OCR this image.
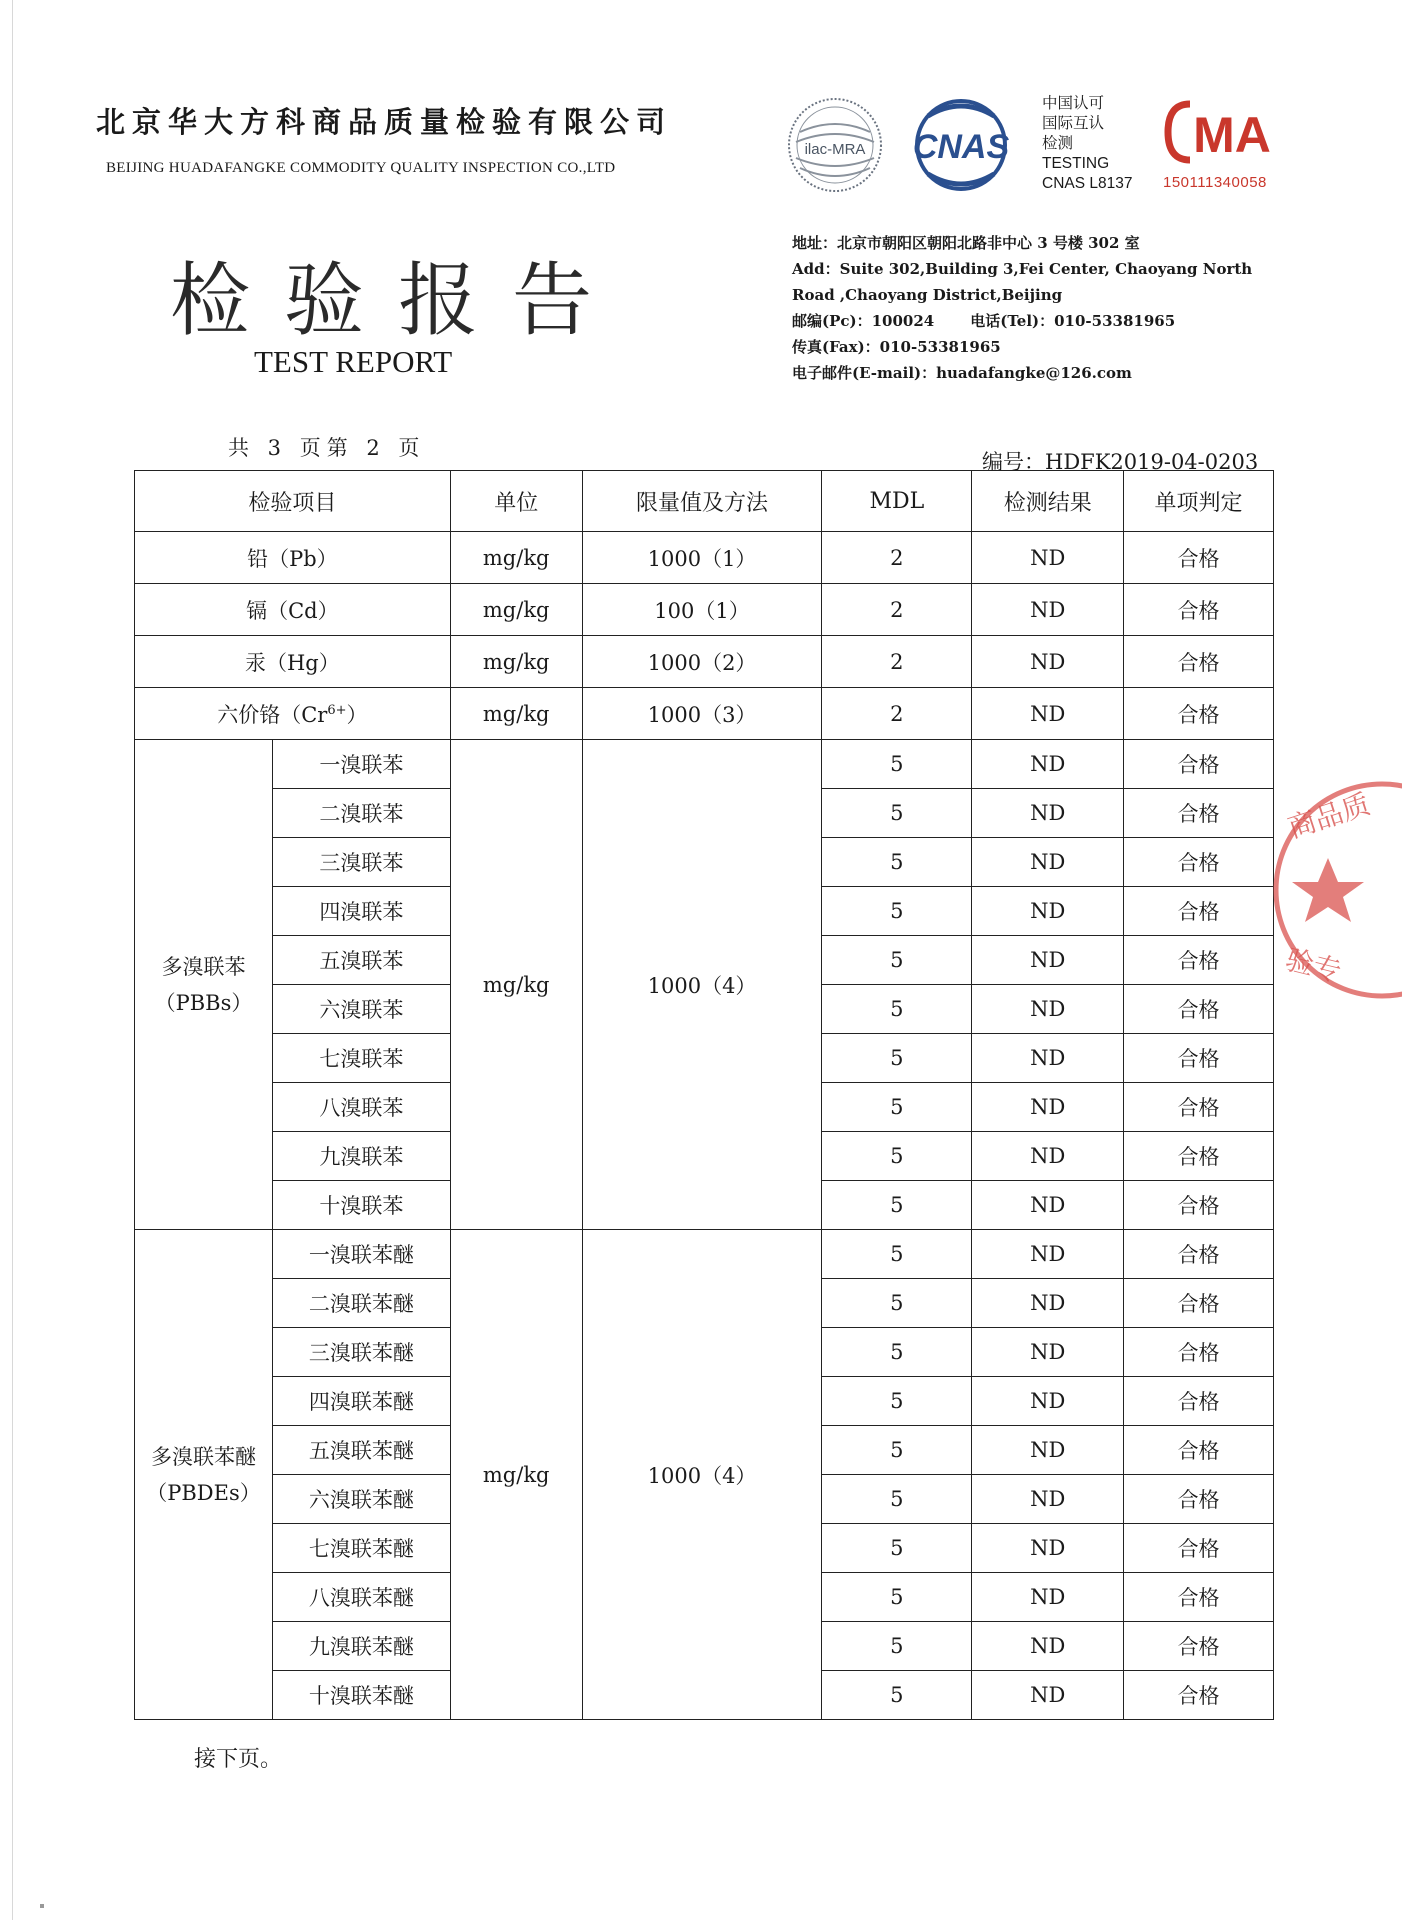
北京华大方科商品质量检验有限公司
BEIJING HUADAFANGKE COMMODITY QUALITY INSPECTION CO.,LTD
检验报告
TEST REPORT
ilac-MRA CNAS
中国认可
国际互认
检测
TESTING
CNAS L8137
MA
150111340058
地址：北京市朝阳区朝阳北路非中心 3 号楼 302 室
Add：Suite 302,Building 3,Fei Center, Chaoyang North
Road ,Chaoyang District,Beijing
邮编(Pc)：100024 电话(Tel)：010-53381965
传真(Fax)：010-53381965
电子邮件(E-mail)：huadafangke@126.com
共 3 页第 2 页
编号：HDFK2019-04-0203
检验项目		单位	限量值及方法	MDL	检测结果	单项判定
铅（Pb）		mg/kg	1000（1）	2	ND	合格
镉（Cd）		mg/kg	100（1）	2	ND	合格
汞（Hg）		mg/kg	1000（2）	2	ND	合格
六价铬$(Cr^{6+})$		mg/kg	1000（3）	2	ND	合格

多溴联苯
（PBBs）	一溴联苯	mg/kg	1000（4）	5	ND	合格
	二溴联苯			5	ND	合格
	三溴联苯			5	ND	合格
	四溴联苯			5	ND	合格
	五溴联苯			5	ND	合格
	六溴联苯			5	ND	合格
	七溴联苯			5	ND	合格
	八溴联苯			5	ND	合格
	九溴联苯			5	ND	合格
	十溴联苯			5	ND	合格

多溴联苯醚
（PBDEs）	一溴联苯醚	mg/kg	1000（4）	5	ND	合格
	二溴联苯醚			5	ND	合格
	三溴联苯醚			5	ND	合格
	四溴联苯醚			5	ND	合格
	五溴联苯醚			5	ND	合格
	六溴联苯醚			5	ND	合格
	七溴联苯醚			5	ND	合格
	八溴联苯醚			5	ND	合格
	九溴联苯醚			5	ND	合格
	十溴联苯醚			5	ND	合格
接下页。
商品质
验专
